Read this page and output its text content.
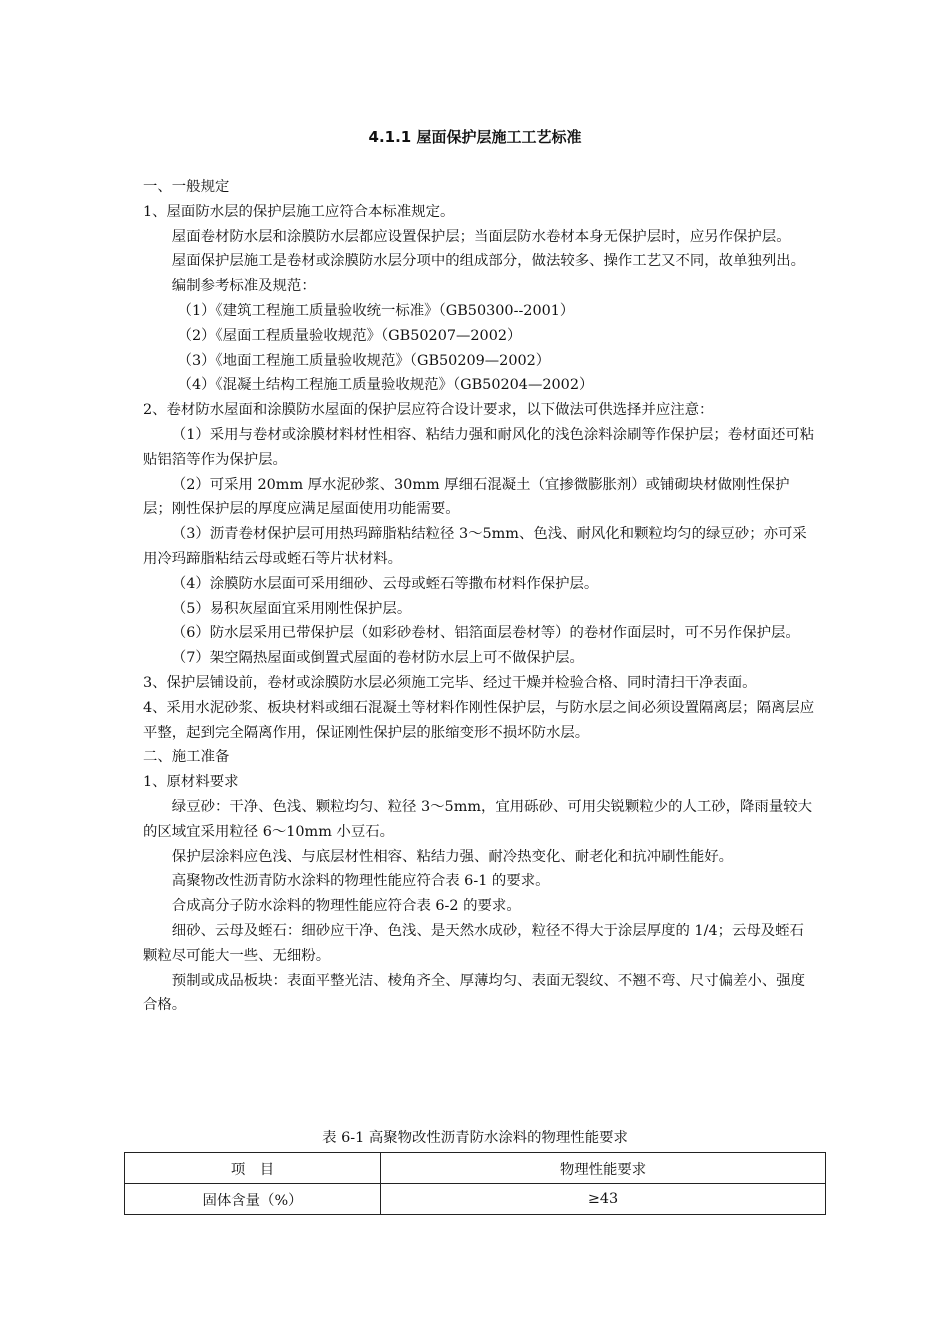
4.1.1 屋面保护层施工工艺标准

一、一般规定

1、屋面防水层的保护层施工应符合本标准规定。

屋面卷材防水层和涂膜防水层都应设置保护层；当面层防水卷材本身无保护层时，应另作保护层。

屋面保护层施工是卷材或涂膜防水层分项中的组成部分，做法较多、操作工艺又不同，故单独列出。

编制参考标准及规范：

（1）《建筑工程施工质量验收统一标准》（GB50300--2001）

（2）《屋面工程质量验收规范》（GB50207—2002）

（3）《地面工程施工质量验收规范》（GB50209—2002）

（4）《混凝土结构工程施工质量验收规范》（GB50204—2002）

2、卷材防水屋面和涂膜防水屋面的保护层应符合设计要求，以下做法可供选择并应注意：

（1）采用与卷材或涂膜材料材性相容、粘结力强和耐风化的浅色涂料涂刷等作保护层；卷材面还可粘贴铝箔等作为保护层。

（2）可采用 20mm 厚水泥砂浆、30mm 厚细石混凝土（宜掺微膨胀剂）或铺砌块材做刚性保护层；刚性保护层的厚度应满足屋面使用功能需要。

（3）沥青卷材保护层可用热玛蹄脂粘结粒径 3～5mm、色浅、耐风化和颗粒均匀的绿豆砂；亦可采用冷玛蹄脂粘结云母或蛭石等片状材料。

（4）涂膜防水层面可采用细砂、云母或蛭石等撒布材料作保护层。

（5）易积灰屋面宜采用刚性保护层。

（6）防水层采用已带保护层（如彩砂卷材、铝箔面层卷材等）的卷材作面层时，可不另作保护层。

（7）架空隔热屋面或倒置式屋面的卷材防水层上可不做保护层。

3、保护层铺设前，卷材或涂膜防水层必须施工完毕、经过干燥并检验合格、同时清扫干净表面。

4、采用水泥砂浆、板块材料或细石混凝土等材料作刚性保护层，与防水层之间必须设置隔离层；隔离层应平整，起到完全隔离作用，保证刚性保护层的胀缩变形不损坏防水层。

二、施工准备

1、原材料要求

绿豆砂：干净、色浅、颗粒均匀、粒径 3～5mm，宜用砾砂、可用尖锐颗粒少的人工砂，降雨量较大的区域宜采用粒径 6～10mm 小豆石。

保护层涂料应色浅、与底层材性相容、粘结力强、耐冷热变化、耐老化和抗冲刷性能好。

高聚物改性沥青防水涂料的物理性能应符合表 6-1 的要求。

合成高分子防水涂料的物理性能应符合表 6-2 的要求。

细砂、云母及蛭石：细砂应干净、色浅、是天然水成砂，粒径不得大于涂层厚度的 1/4；云母及蛭石颗粒尽可能大一些、无细粉。

预制或成品板块：表面平整光洁、棱角齐全、厚薄均匀、表面无裂纹、不翘不弯、尺寸偏差小、强度合格。

表 6-1 高聚物改性沥青防水涂料的物理性能要求
项　目	物理性能要求
固体含量（%）	≥43
